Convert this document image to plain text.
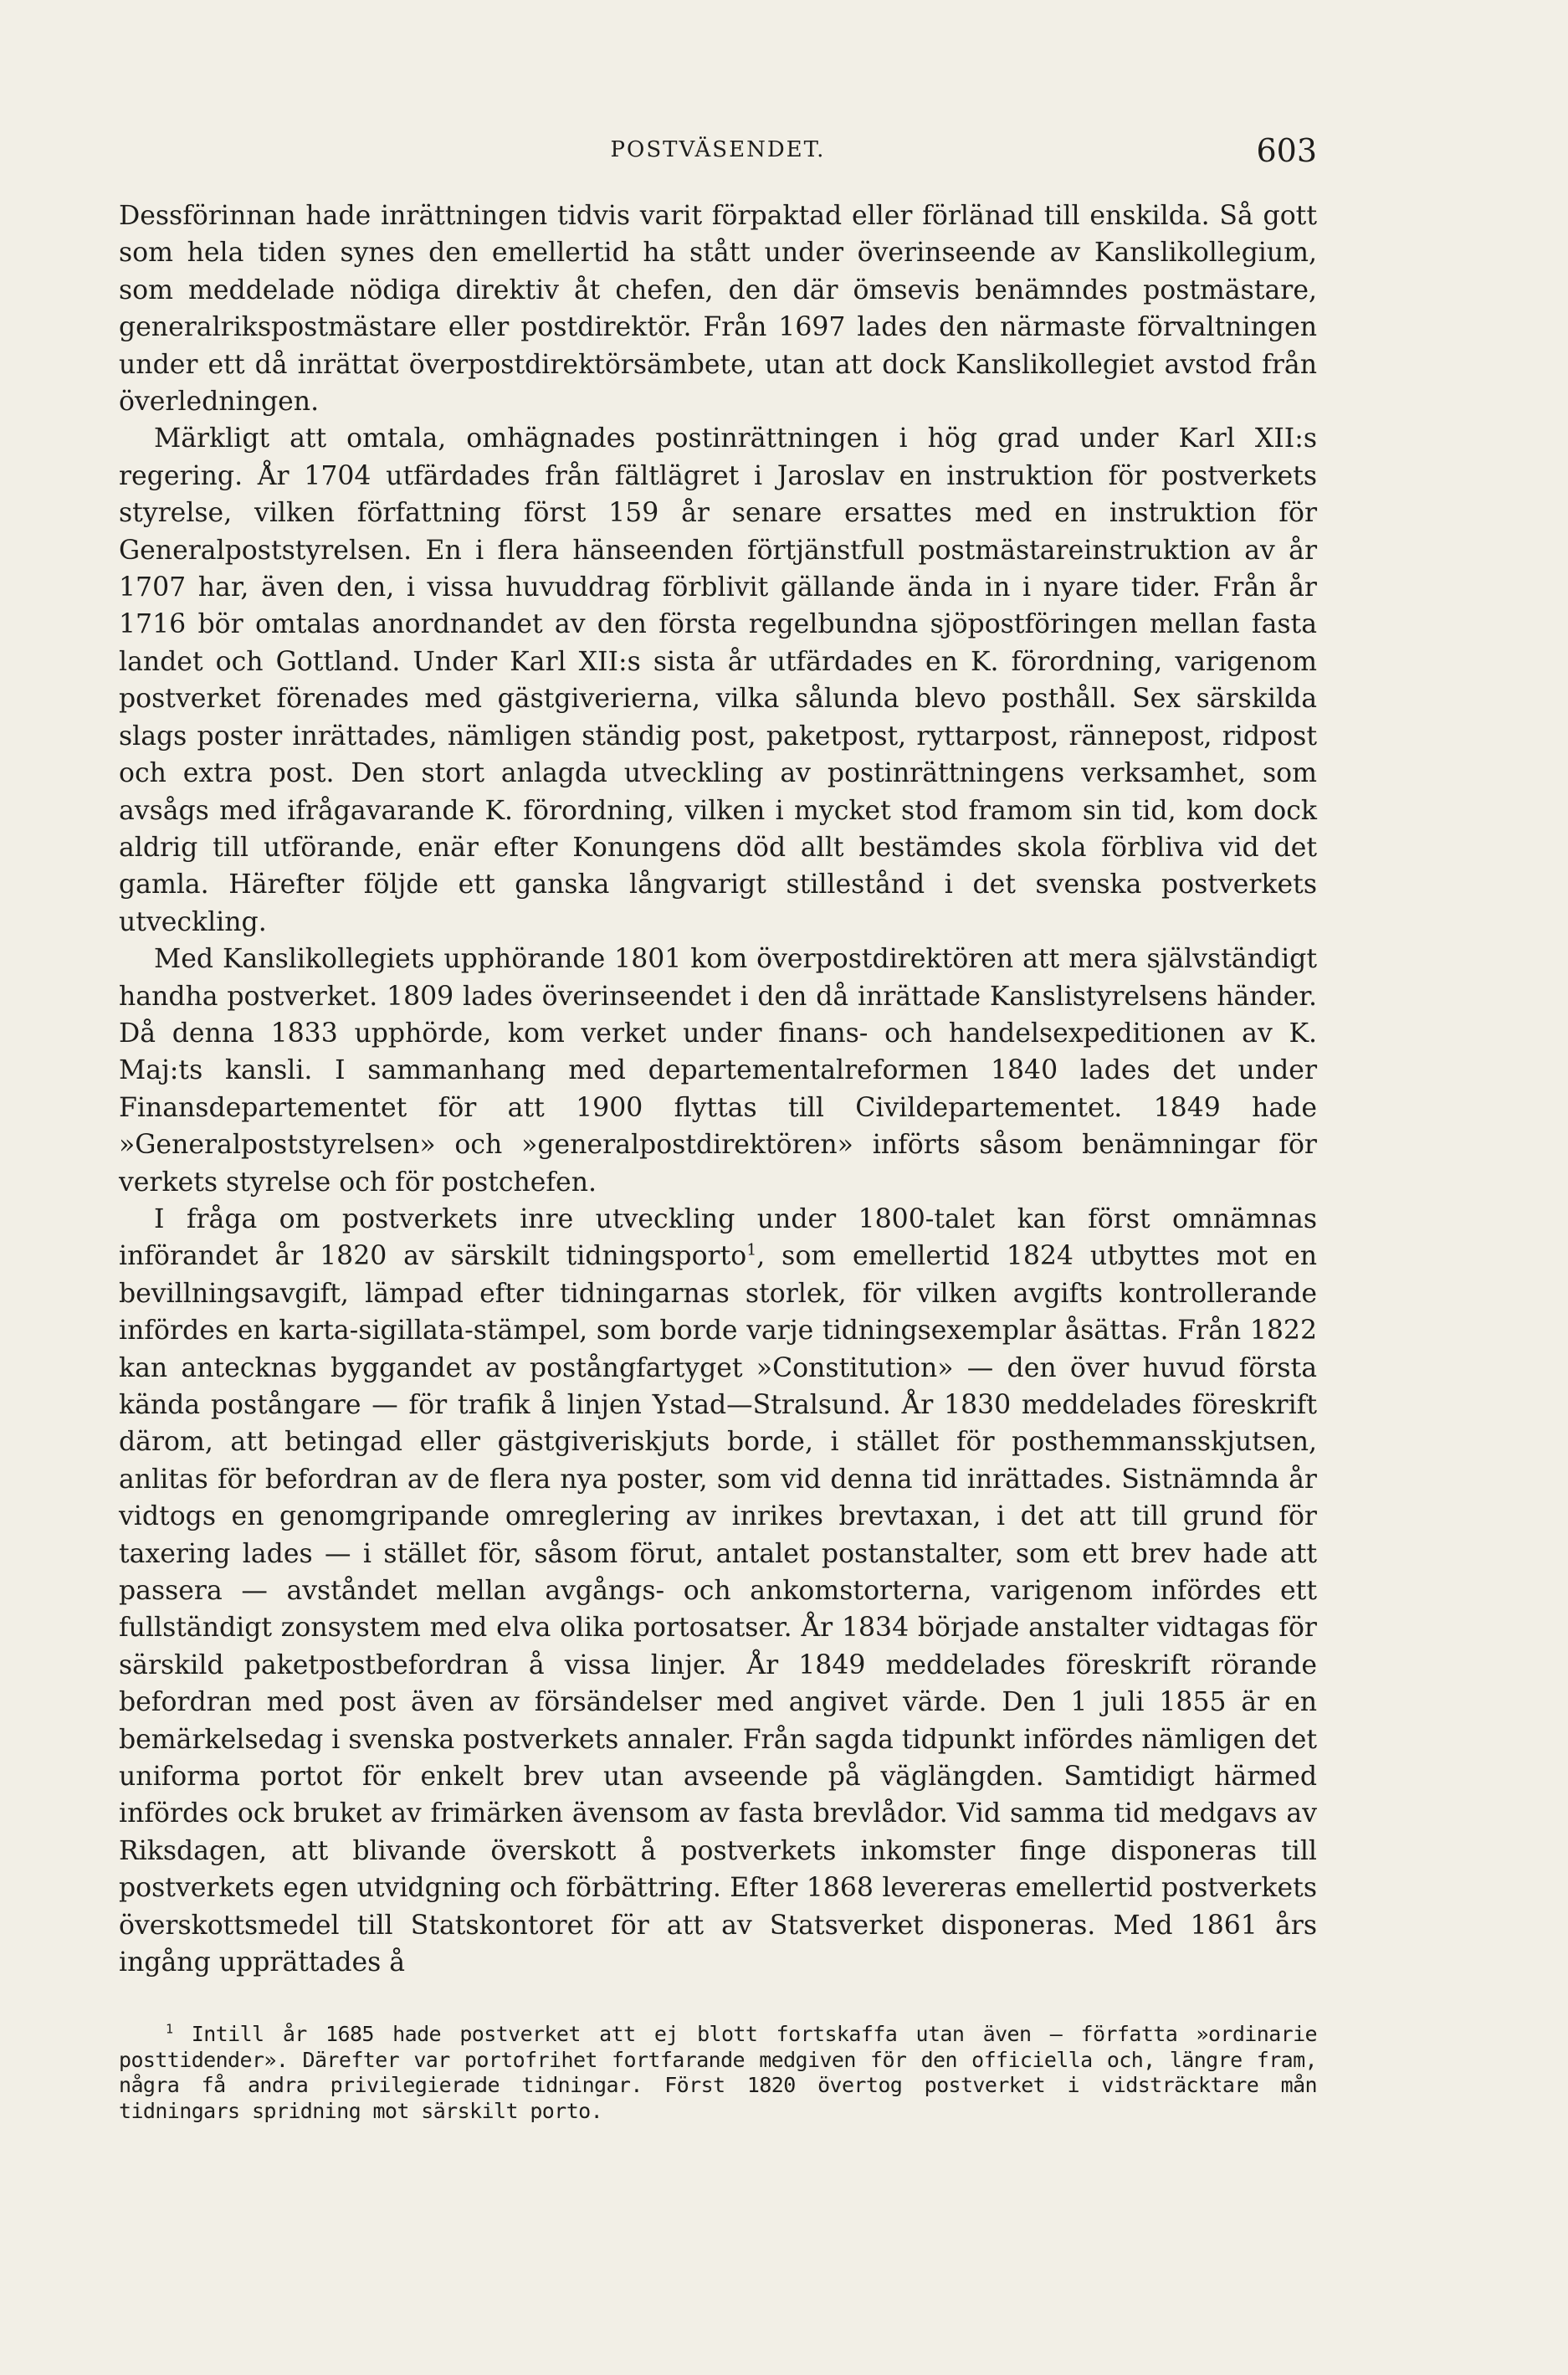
POSTVÄSENDET.	603

Dessförinnan hade inrättningen tidvis varit förpaktad eller förlänad till enskilda. Så gott som hela tiden synes den emellertid ha stått under överinseende av Kanslikollegium, som meddelade nödiga direktiv åt chefen, den där ömsevis benämndes postmästare, generalrikspostmästare eller postdirektör. Från 1697 lades den närmaste förvaltningen under ett då inrättat överpostdirektörsämbete, utan att dock Kanslikollegiet avstod från överledningen.

Märkligt att omtala, omhägnades postinrättningen i hög grad under Karl XII:s regering. År 1704 utfärdades från fältlägret i Jaroslav en instruktion för postverkets styrelse, vilken författning först 159 år senare ersattes med en instruktion för Generalpoststyrelsen. En i flera hänseenden förtjänstfull postmästareinstruktion av år 1707 har, även den, i vissa huvuddrag förblivit gällande ända in i nyare tider. Från år 1716 bör omtalas anordnandet av den första regelbundna sjöpostföringen mellan fasta landet och Gottland. Under Karl XII:s sista år utfärdades en K. förordning, varigenom postverket förenades med gästgiverierna, vilka sålunda blevo posthåll. Sex särskilda slags poster inrättades, nämligen ständig post, paketpost, ryttarpost, rännepost, ridpost och extra post. Den stort anlagda utveckling av postinrättningens verksamhet, som avsågs med ifrågavarande K. förordning, vilken i mycket stod framom sin tid, kom dock aldrig till utförande, enär efter Konungens död allt bestämdes skola förbliva vid det gamla. Härefter följde ett ganska långvarigt stillestånd i det svenska postverkets utveckling.

Med Kanslikollegiets upphörande 1801 kom överpostdirektören att mera självständigt handha postverket. 1809 lades överinseendet i den då inrättade Kanslistyrelsens händer. Då denna 1833 upphörde, kom verket under finans- och handelsexpeditionen av K. Maj:ts kansli. I sammanhang med departementalreformen 1840 lades det under Finansdepartementet för att 1900 flyttas till Civildepartementet. 1849 hade »Generalpoststyrelsen» och »generalpostdirektören» införts såsom benämningar för verkets styrelse och för postchefen.

I fråga om postverkets inre utveckling under 1800-talet kan först omnämnas införandet år 1820 av särskilt tidningsporto$^1$, som emellertid 1824 utbyttes mot en bevillningsavgift, lämpad efter tidningarnas storlek, för vilken avgifts kontrollerande infördes en karta-sigillata-stämpel, som borde varje tidningsexemplar åsättas. Från 1822 kan antecknas byggandet av postångfartyget »Constitution» — den över huvud första kända postångare — för trafik å linjen Ystad—Stralsund. År 1830 meddelades föreskrift därom, att betingad eller gästgiveriskjuts borde, i stället för posthemmansskjutsen, anlitas för befordran av de flera nya poster, som vid denna tid inrättades. Sistnämnda år vidtogs en genomgripande omreglering av inrikes brevtaxan, i det att till grund för taxering lades — i stället för, såsom förut, antalet postanstalter, som ett brev hade att passera — avståndet mellan avgångs- och ankomstorterna, varigenom infördes ett fullständigt zonsystem med elva olika portosatser. År 1834 började anstalter vidtagas för särskild paketpostbefordran å vissa linjer. År 1849 meddelades föreskrift rörande befordran med post även av försändelser med angivet värde. Den 1 juli 1855 är en bemärkelsedag i svenska postverkets annaler. Från sagda tidpunkt infördes nämligen det uniforma portot för enkelt brev utan avseende på väglängden. Samtidigt härmed infördes ock bruket av frimärken ävensom av fasta brevlådor. Vid samma tid medgavs av Riksdagen, att blivande överskott å postverkets inkomster finge disponeras till postverkets egen utvidgning och förbättring. Efter 1868 levereras emellertid postverkets överskottsmedel till Statskontoret för att av Statsverket disponeras. Med 1861 års ingång upprättades å

$^1$ Intill år 1685 hade postverket att ej blott fortskaffa utan även — författa »ordinarie posttidender». Därefter var portofrihet fortfarande medgiven för den officiella och, längre fram, några få andra privilegierade tidningar. Först 1820 övertog postverket i vidsträcktare mån tidningars spridning mot särskilt porto.
